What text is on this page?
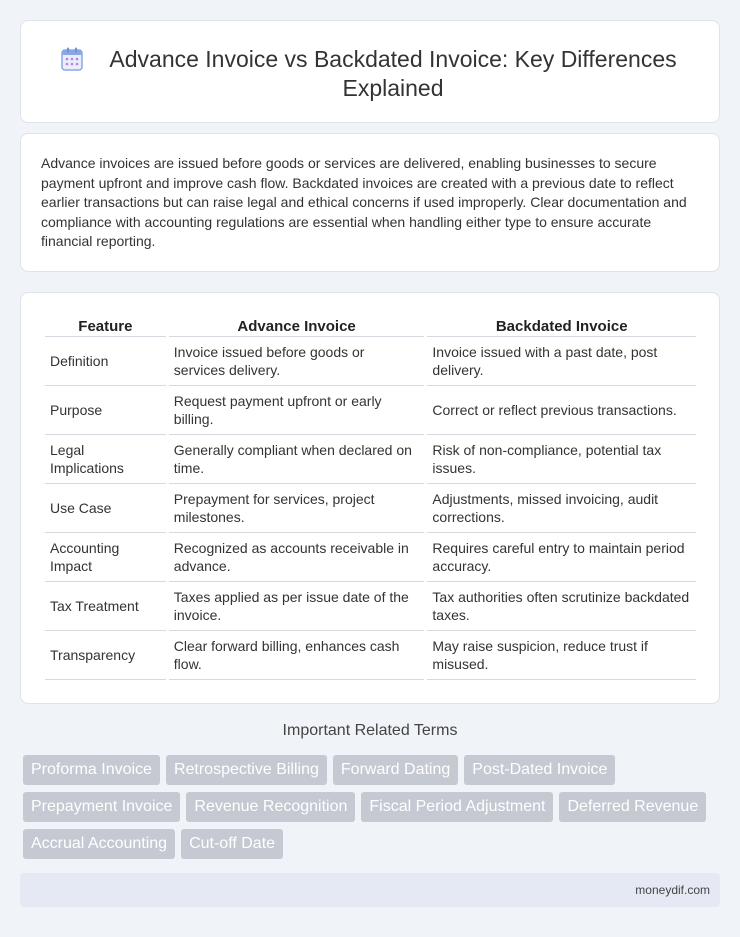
Advance Invoice vs Backdated Invoice: Key Differences Explained

Advance invoices are issued before goods or services are delivered, enabling businesses to secure payment upfront and improve cash flow. Backdated invoices are created with a previous date to reflect earlier transactions but can raise legal and ethical concerns if used improperly. Clear documentation and compliance with accounting regulations are essential when handling either type to ensure accurate financial reporting.

Feature	Advance Invoice	Backdated Invoice
Definition	Invoice issued before goods or services delivery.	Invoice issued with a past date, post delivery.
Purpose	Request payment upfront or early billing.	Correct or reflect previous transactions.
Legal Implications	Generally compliant when declared on time.	Risk of non-compliance, potential tax issues.
Use Case	Prepayment for services, project milestones.	Adjustments, missed invoicing, audit corrections.
Accounting Impact	Recognized as accounts receivable in advance.	Requires careful entry to maintain period accuracy.
Tax Treatment	Taxes applied as per issue date of the invoice.	Tax authorities often scrutinize backdated taxes.
Transparency	Clear forward billing, enhances cash flow.	May raise suspicion, reduce trust if misused.
Important Related Terms
Proforma Invoice	Retrospective Billing	Forward Dating	Post-Dated Invoice
Prepayment Invoice	Revenue Recognition	Fiscal Period Adjustment	Deferred Revenue
Accrual Accounting	Cut-off Date
moneydif.com
